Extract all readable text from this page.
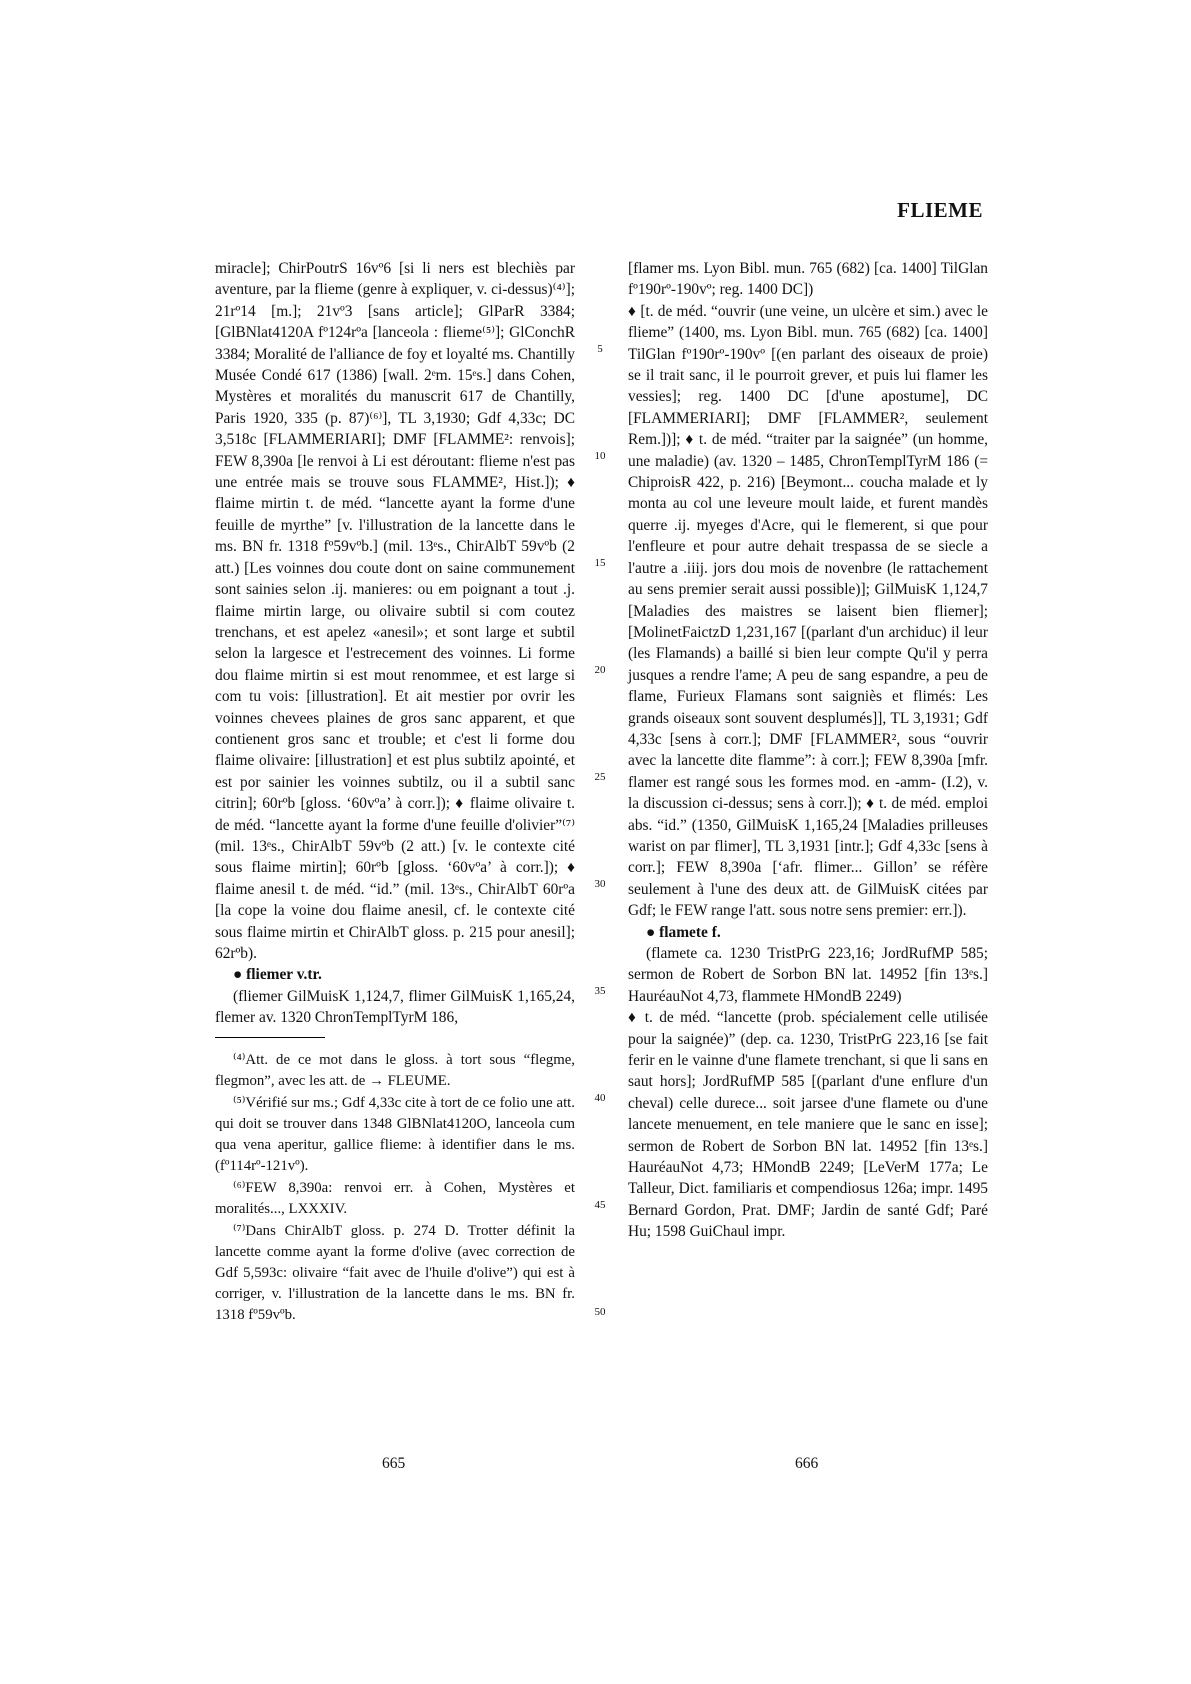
FLIEME

miracle]; ChirPoutrS 16vº6 [si li ners est blechiès par aventure, par la flieme (genre à expliquer, v. ci-dessus)⁽⁴⁾]; 21rº14 [m.]; 21vº3 [sans article]; GlParR 3384; [GlBNlat4120A fº124rºa [lanceola : flieme⁽⁵⁾]; GlConchR 3384; Moralité de l'alliance de foy et loyalté ms. Chantilly Musée Condé 617 (1386) [wall. 2ᵉm. 15ᵉs.] dans Cohen, Mystères et moralités du manuscrit 617 de Chantilly, Paris 1920, 335 (p. 87)⁽⁶⁾], TL 3,1930; Gdf 4,33c; DC 3,518c [FLAMMERIARI]; DMF [FLAMME²: renvois]; FEW 8,390a [le renvoi à Li est déroutant: flieme n'est pas une entrée mais se trouve sous FLAMME², Hist.]); ♦ flaime mirtin t. de méd. “lancette ayant la forme d'une feuille de myrthe” [v. l'illustration de la lancette dans le ms. BN fr. 1318 fº59vºb.] (mil. 13ᵉs., ChirAlbT 59vºb (2 att.) [Les voinnes dou coute dont on saine communement sont sainies selon .ij. manieres: ou em poignant a tout .j. flaime mirtin large, ou olivaire subtil si com coutez trenchans, et est apelez «anesil»; et sont large et subtil selon la largesce et l'estrecement des voinnes. Li forme dou flaime mirtin si est mout renommee, et est large si com tu vois: [illustration]. Et ait mestier por ovrir les voinnes chevees plaines de gros sanc apparent, et que contienent gros sanc et trouble; et c'est li forme dou flaime olivaire: [illustration] et est plus subtilz apointé, et est por sainier les voinnes subtilz, ou il a subtil sanc citrin]; 60rºb [gloss. ‘60vºa’ à corr.]); ♦ flaime olivaire t. de méd. “lancette ayant la forme d'une feuille d'olivier”⁽⁷⁾ (mil. 13ᵉs., ChirAlbT 59vºb (2 att.) [v. le contexte cité sous flaime mirtin]; 60rºb [gloss. ‘60vºa’ à corr.]); ♦ flaime anesil t. de méd. “id.” (mil. 13ᵉs., ChirAlbT 60rºa [la cope la voine dou flaime anesil, cf. le contexte cité sous flaime mirtin et ChirAlbT gloss. p. 215 pour anesil]; 62rºb).

● fliemer v.tr.

(fliemer GilMuisK 1,124,7, flimer GilMuisK 1,165,24, flemer av. 1320 ChronTemplTyrM 186,

⁽⁴⁾Att. de ce mot dans le gloss. à tort sous “flegme, flegmon”, avec les att. de → FLEUME.

⁽⁵⁾Vérifié sur ms.; Gdf 4,33c cite à tort de ce folio une att. qui doit se trouver dans 1348 GlBNlat4120O, lanceola cum qua vena aperitur, gallice flieme: à identifier dans le ms. (fº114rº-121vº).

⁽⁶⁾FEW 8,390a: renvoi err. à Cohen, Mystères et moralités..., LXXXIV.

⁽⁷⁾Dans ChirAlbT gloss. p. 274 D. Trotter définit la lancette comme ayant la forme d'olive (avec correction de Gdf 5,593c: olivaire “fait avec de l'huile d'olive”) qui est à corriger, v. l'illustration de la lancette dans le ms. BN fr. 1318 fº59vºb.

5
10
15
20
25
30
35
40
45
50

[flamer ms. Lyon Bibl. mun. 765 (682) [ca. 1400] TilGlan fº190rº-190vº; reg. 1400 DC])

♦ [t. de méd. “ouvrir (une veine, un ulcère et sim.) avec le flieme” (1400, ms. Lyon Bibl. mun. 765 (682) [ca. 1400] TilGlan fº190rº-190vº [(en parlant des oiseaux de proie) se il trait sanc, il le pourroit grever, et puis lui flamer les vessies]; reg. 1400 DC [d'une apostume], DC [FLAMMERIARI]; DMF [FLAMMER², seulement Rem.])]; ♦ t. de méd. “traiter par la saignée” (un homme, une maladie) (av. 1320 – 1485, ChronTemplTyrM 186 (= ChiproisR 422, p. 216) [Beymont... coucha malade et ly monta au col une leveure moult laide, et furent mandès querre .ij. myeges d'Acre, qui le flemerent, si que pour l'enfleure et pour autre dehait trespassa de se siecle a l'autre a .iiij. jors dou mois de novenbre (le rattachement au sens premier serait aussi possible)]; GilMuisK 1,124,7 [Maladies des maistres se laisent bien fliemer]; [MolinetFaictzD 1,231,167 [(parlant d'un archiduc) il leur (les Flamands) a baillé si bien leur compte Qu'il y perra jusques a rendre l'ame; A peu de sang espandre, a peu de flame, Furieux Flamans sont saigniès et flimés: Les grands oiseaux sont souvent desplumés]], TL 3,1931; Gdf 4,33c [sens à corr.]; DMF [FLAMMER², sous “ouvrir avec la lancette dite flamme”: à corr.]; FEW 8,390a [mfr. flamer est rangé sous les formes mod. en -amm- (I.2), v. la discussion ci-dessus; sens à corr.]); ♦ t. de méd. emploi abs. “id.” (1350, GilMuisK 1,165,24 [Maladies prilleuses warist on par flimer], TL 3,1931 [intr.]; Gdf 4,33c [sens à corr.]; FEW 8,390a [‘afr. flimer... Gillon’ se réfère seulement à l'une des deux att. de GilMuisK citées par Gdf; le FEW range l'att. sous notre sens premier: err.]).

● flamete f.

(flamete ca. 1230 TristPrG 223,16; JordRufMP 585; sermon de Robert de Sorbon BN lat. 14952 [fin 13ᵉs.] HauréauNot 4,73, flammete HMondB 2249)

♦ t. de méd. “lancette (prob. spécialement celle utilisée pour la saignée)” (dep. ca. 1230, TristPrG 223,16 [se fait ferir en le vainne d'une flamete trenchant, si que li sans en saut hors]; JordRufMP 585 [(parlant d'une enflure d'un cheval) celle durece... soit jarsee d'une flamete ou d'une lancete menuement, en tele maniere que le sanc en isse]; sermon de Robert de Sorbon BN lat. 14952 [fin 13ᵉs.] HauréauNot 4,73; HMondB 2249; [LeVerM 177a; Le Talleur, Dict. familiaris et compendiosus 126a; impr. 1495 Bernard Gordon, Prat. DMF; Jardin de santé Gdf; Paré Hu; 1598 GuiChaul impr.

665	666
